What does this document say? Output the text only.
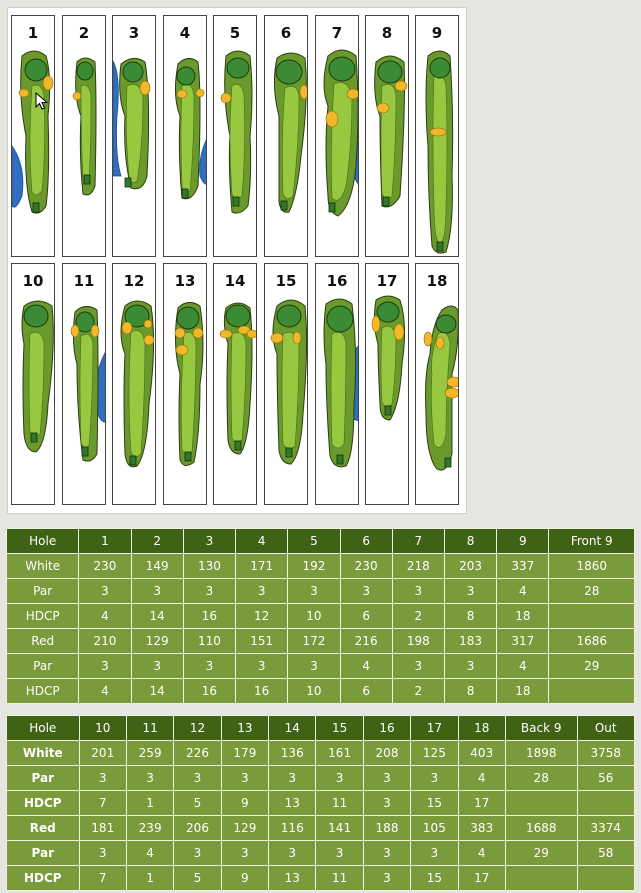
1	2	3	4	5	6	7	8	9
10	11	12	13	14	15	16	17	18
Hole	1	2	3	4	5	6	7	8	9	Front 9
White	230	149	130	171	192	230	218	203	337	1860
Par	3	3	3	3	3	3	3	3	4	28
HDCP	4	14	16	12	10	6	2	8	18	
Red	210	129	110	151	172	216	198	183	317	1686
Par	3	3	3	3	3	4	3	3	4	29
HDCP	4	14	16	16	10	6	2	8	18	
Hole	10	11	12	13	14	15	16	17	18	Back 9	Out
White	201	259	226	179	136	161	208	125	403	1898	3758
Par	3	3	3	3	3	3	3	3	4	28	56
HDCP	7	1	5	9	13	11	3	15	17		
Red	181	239	206	129	116	141	188	105	383	1688	3374
Par	3	4	3	3	3	3	3	3	4	29	58
HDCP	7	1	5	9	13	11	3	15	17		
